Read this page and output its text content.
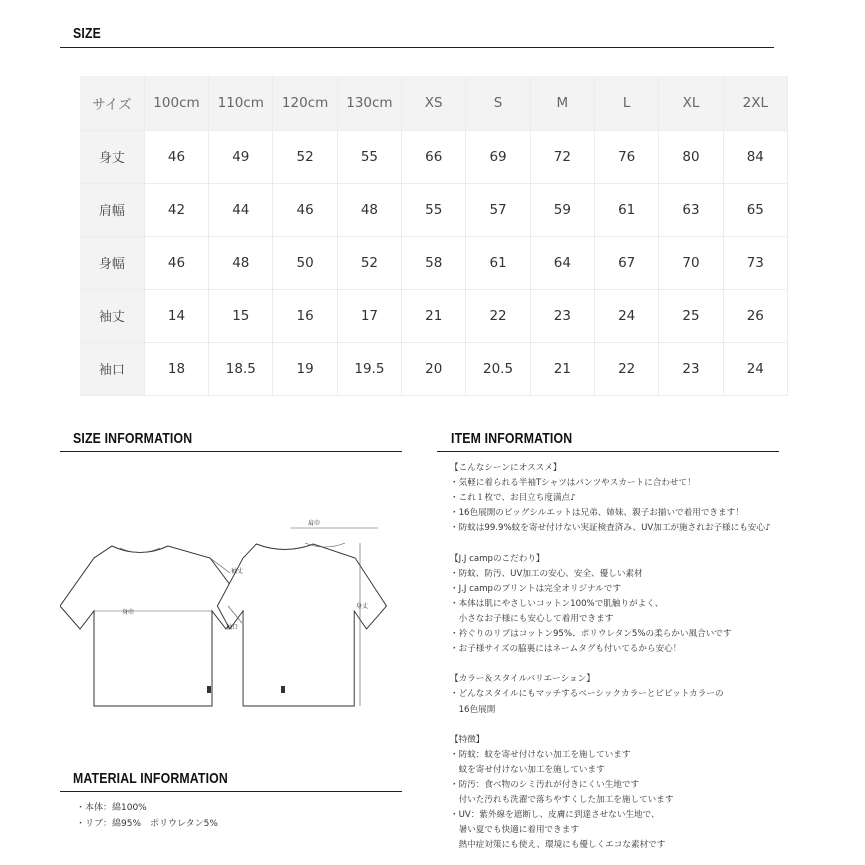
SIZE
サイズ	100cm	110cm	120cm	130cm	XS	S	M	L	XL	2XL
身丈	46	49	52	55	66	69	72	76	80	84
肩幅	42	44	46	48	55	57	59	61	63	65
身幅	46	48	50	52	58	61	64	67	70	73
袖丈	14	15	16	17	21	22	23	24	25	26
袖口	18	18.5	19	19.5	20	20.5	21	22	23	24
SIZE INFORMATION	ITEM INFORMATION
袖丈
身巾
袖口
肩巾
身丈
MATERIAL INFORMATION
・本体：綿100%
・リブ：綿95%　ポリウレタン5%
【こんなシーンにオススメ】
・気軽に着られる半袖Tシャツはパンツやスカートに合わせて！
・これ１枚で、お目立ち度満点♪
・16色展開のビッグシルエットは兄弟、姉妹、親子お揃いで着用できます！
・防蚊は99.9%蚊を寄せ付けない実証検査済み、UV加工が施されお子様にも安心♪
【J.J campのこだわり】
・防蚊、防汚、UV加工の安心、安全、優しい素材
・J.J campのプリントは完全オリジナルです
・本体は肌にやさしいコットン100%で肌触りがよく、
　小さなお子様にも安心して着用できます
・衿ぐりのリブはコットン95%、ポリウレタン5%の柔らかい風合いです
・お子様サイズの脇裏にはネームタグも付いてるから安心！
【カラー＆スタイルバリエーション】
・どんなスタイルにもマッチするベーシックカラーとビビットカラーの
　16色展開
【特徴】
・防蚊：蚊を寄せ付けない加工を施しています
　蚊を寄せ付けない加工を施しています
・防汚：食べ物のシミ汚れが付きにくい生地です
　付いた汚れも洗濯で落ちやすくした加工を施しています
・UV：紫外線を遮断し、皮膚に到達させない生地で、
　暑い夏でも快適に着用できます
　熱中症対策にも使え、環境にも優しくエコな素材です
